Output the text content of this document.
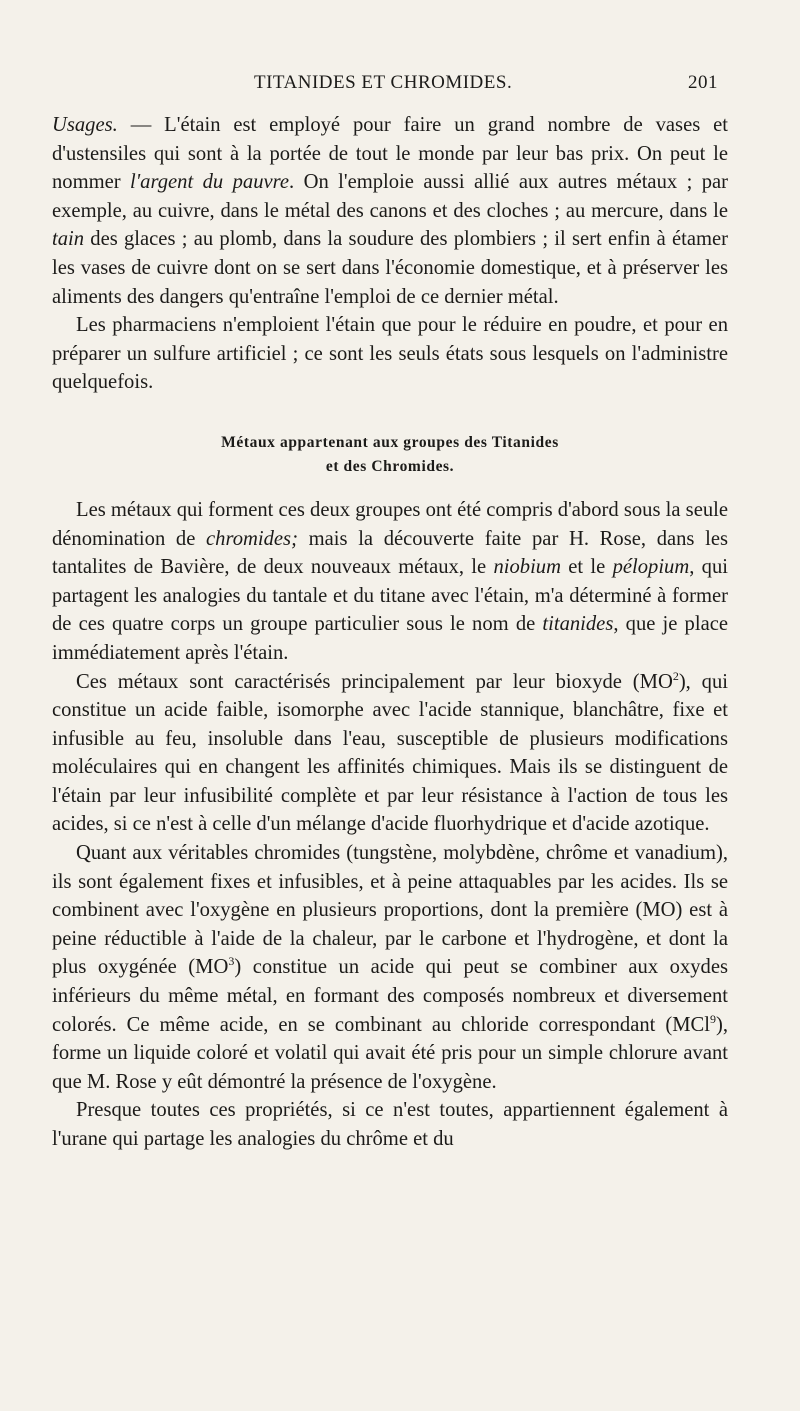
TITANIDES ET CHROMIDES.	201

Usages. — L'étain est employé pour faire un grand nombre de vases et d'ustensiles qui sont à la portée de tout le monde par leur bas prix. On peut le nommer l'argent du pauvre. On l'emploie aussi allié aux autres métaux ; par exemple, au cuivre, dans le métal des canons et des cloches ; au mercure, dans le tain des glaces ; au plomb, dans la soudure des plombiers ; il sert enfin à étamer les vases de cuivre dont on se sert dans l'économie domestique, et à préserver les aliments des dangers qu'entraîne l'emploi de ce dernier métal.

Les pharmaciens n'emploient l'étain que pour le réduire en poudre, et pour en préparer un sulfure artificiel ; ce sont les seuls états sous lesquels on l'administre quelquefois.

Métaux appartenant aux groupes des Titanides
et des Chromides.

Les métaux qui forment ces deux groupes ont été compris d'abord sous la seule dénomination de chromides; mais la découverte faite par H. Rose, dans les tantalites de Bavière, de deux nouveaux métaux, le niobium et le pélopium, qui partagent les analogies du tantale et du titane avec l'étain, m'a déterminé à former de ces quatre corps un groupe particulier sous le nom de titanides, que je place immédiatement après l'étain.

Ces métaux sont caractérisés principalement par leur bioxyde $(MO^2)$, qui constitue un acide faible, isomorphe avec l'acide stannique, blanchâtre, fixe et infusible au feu, insoluble dans l'eau, susceptible de plusieurs modifications moléculaires qui en changent les affinités chimiques. Mais ils se distinguent de l'étain par leur infusibilité complète et par leur résistance à l'action de tous les acides, si ce n'est à celle d'un mélange d'acide fluorhydrique et d'acide azotique.

Quant aux véritables chromides (tungstène, molybdène, chrôme et vanadium), ils sont également fixes et infusibles, et à peine attaquables par les acides. Ils se combinent avec l'oxygène en plusieurs proportions, dont la première (MO) est à peine réductible à l'aide de la chaleur, par le carbone et l'hydrogène, et dont la plus oxygénée $(MO^3)$ constitue un acide qui peut se combiner aux oxydes inférieurs du même métal, en formant des composés nombreux et diversement colorés. Ce même acide, en se combinant au chloride correspondant (MCl$^9$), forme un liquide coloré et volatil qui avait été pris pour un simple chlorure avant que M. Rose y eût démontré la présence de l'oxygène.

Presque toutes ces propriétés, si ce n'est toutes, appartiennent également à l'urane qui partage les analogies du chrôme et du
